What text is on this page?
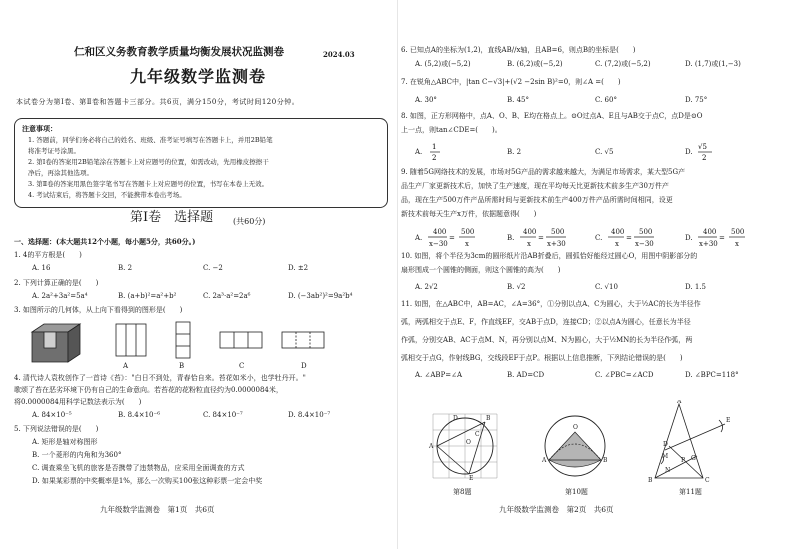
仁和区义务教育教学质量均衡发展状况监测卷	2024.03
九年级数学监测卷
本试卷分为第Ⅰ卷、第Ⅱ卷和答题卡三部分。共6页，满分150分，考试时间120分钟。
注意事项：
1. 答题前，同学们务必将自己的姓名、班级、准考证号填写在答题卡上，并用2B铅笔
将准考证号涂黑。
2. 第Ⅰ卷的答案用2B铅笔涂在答题卡上对应题号的位置，如需改动，先用橡皮擦擦干
净后，再涂其他选项。
3. 第Ⅱ卷的答案用黑色签字笔书写在答题卡上对应题号的位置，书写在本卷上无效。
4. 考试结束后，将答题卡交回，不能携带本卷出考场。
第Ⅰ卷　选择题 (共60分)
一、选择题：(本大题共12个小题，每小题5分，共60分。)
1. 4的平方根是(　　)
A. 16	B. 2	C. −2	D. ±2
2. 下列计算正确的是(　　)
A. 2a²+3a²=5a⁴	B. (a+b)²=a²+b²	C. 2a³·a²=2a⁶	D. (−3ab²)²=9a²b⁴
3. 如图所示的几何体，从上向下看得到的图形是(　　)
A	B	C	D
4. 清代诗人袁枚创作了一首诗《苔》："白日不到处，青春恰自来。苔花如米小，也学牡丹开。"
歌颂了苔在恶劣环境下仍有自己的生命意向。若苔花的花粉粒直径约为0.0000084米，
将0.0000084用科学记数法表示为(　　)
A. 84×10⁻⁵	B. 8.4×10⁻⁶	C. 84×10⁻⁷	D. 8.4×10⁻⁷
5. 下列说法错误的是(　　)
A. 矩形是轴对称图形
B. 一个菱形的内角和为360°
C. 调查乘坐飞机的旅客是否携带了违禁物品，应采用全面调查的方式
D. 如果某彩票的中奖概率是1%，那么一次购买100张这种彩票一定会中奖
九年级数学监测卷　第1页　共6页
6. 已知点A的坐标为(1,2)，直线AB//x轴，且AB=6，则点B的坐标是(　　)
A. (5,2)或(−5,2)	B. (6,2)或(−5,2)	C. (7,2)或(−5,2)	D. (1,7)或(1,−3)
7. 在锐角△ABC中，|tan C−√3|+(√2 −2sin B)²=0，则∠A =(　　)
A. 30°	B. 45°	C. 60°	D. 75°
8. 如图，正方形网格中，点A、O、B、E均在格点上。⊙O过点A、E且与AB交于点C，点D是⊙O
上一点，则tan∠CDE=(　　)。
A.
1
2
B. 2	C. √5	D.
√5
2
9. 随着5G网络技术的发展，市场对5G产品的需求越来越大，为满足市场需求，某大型5G产
品生产厂家更新技术后，加快了生产速度，现在平均每天比更新技术前多生产30万件产
品，现在生产500万件产品所需时间与更新技术前生产400万件产品所需时间相同，设更
新技术前每天生产x万件，依据题意得(　　)
A.
400
x−30
=
500
x
B.
400
x
=
500
x+30
C.
400
x
=
500
x−30
D.
400
x+30
=
500
x
10. 如图，将个半径为3cm的圆形纸片沿AB折叠后，圆弧恰好能经过圆心O，用图中阴影部分的
扇形围成一个圆锥的侧面，则这个圆锥的高为(　　)
A. 2√2	B. √2	C. √10	D. 1.5
11. 如图，在△ABC中，AB=AC，∠A=36°，①分别以点A、C为圆心，大于½AC的长为半径作
弧，两弧相交于点E、F，作直线EF，交AB于点D，连接CD；②以点A为圆心，任意长为半径
作弧，分别交AB、AC于点M、N，再分别以点M、N为圆心，大于½MN的长为半径作弧，两
弧相交于点G，作射线BG，交线段EF于点P。根据以上信息推断，下列结论错误的是(　　)
A. ∠ABP=∠A	B. AD=CD	C. ∠PBC=∠ACD	D. ∠BPC=118°
A
B
O
E
D
C
第8题
A	B
O
第10题
A
B	C
D
E
P G
M
N
第11题
九年级数学监测卷　第2页　共6页
